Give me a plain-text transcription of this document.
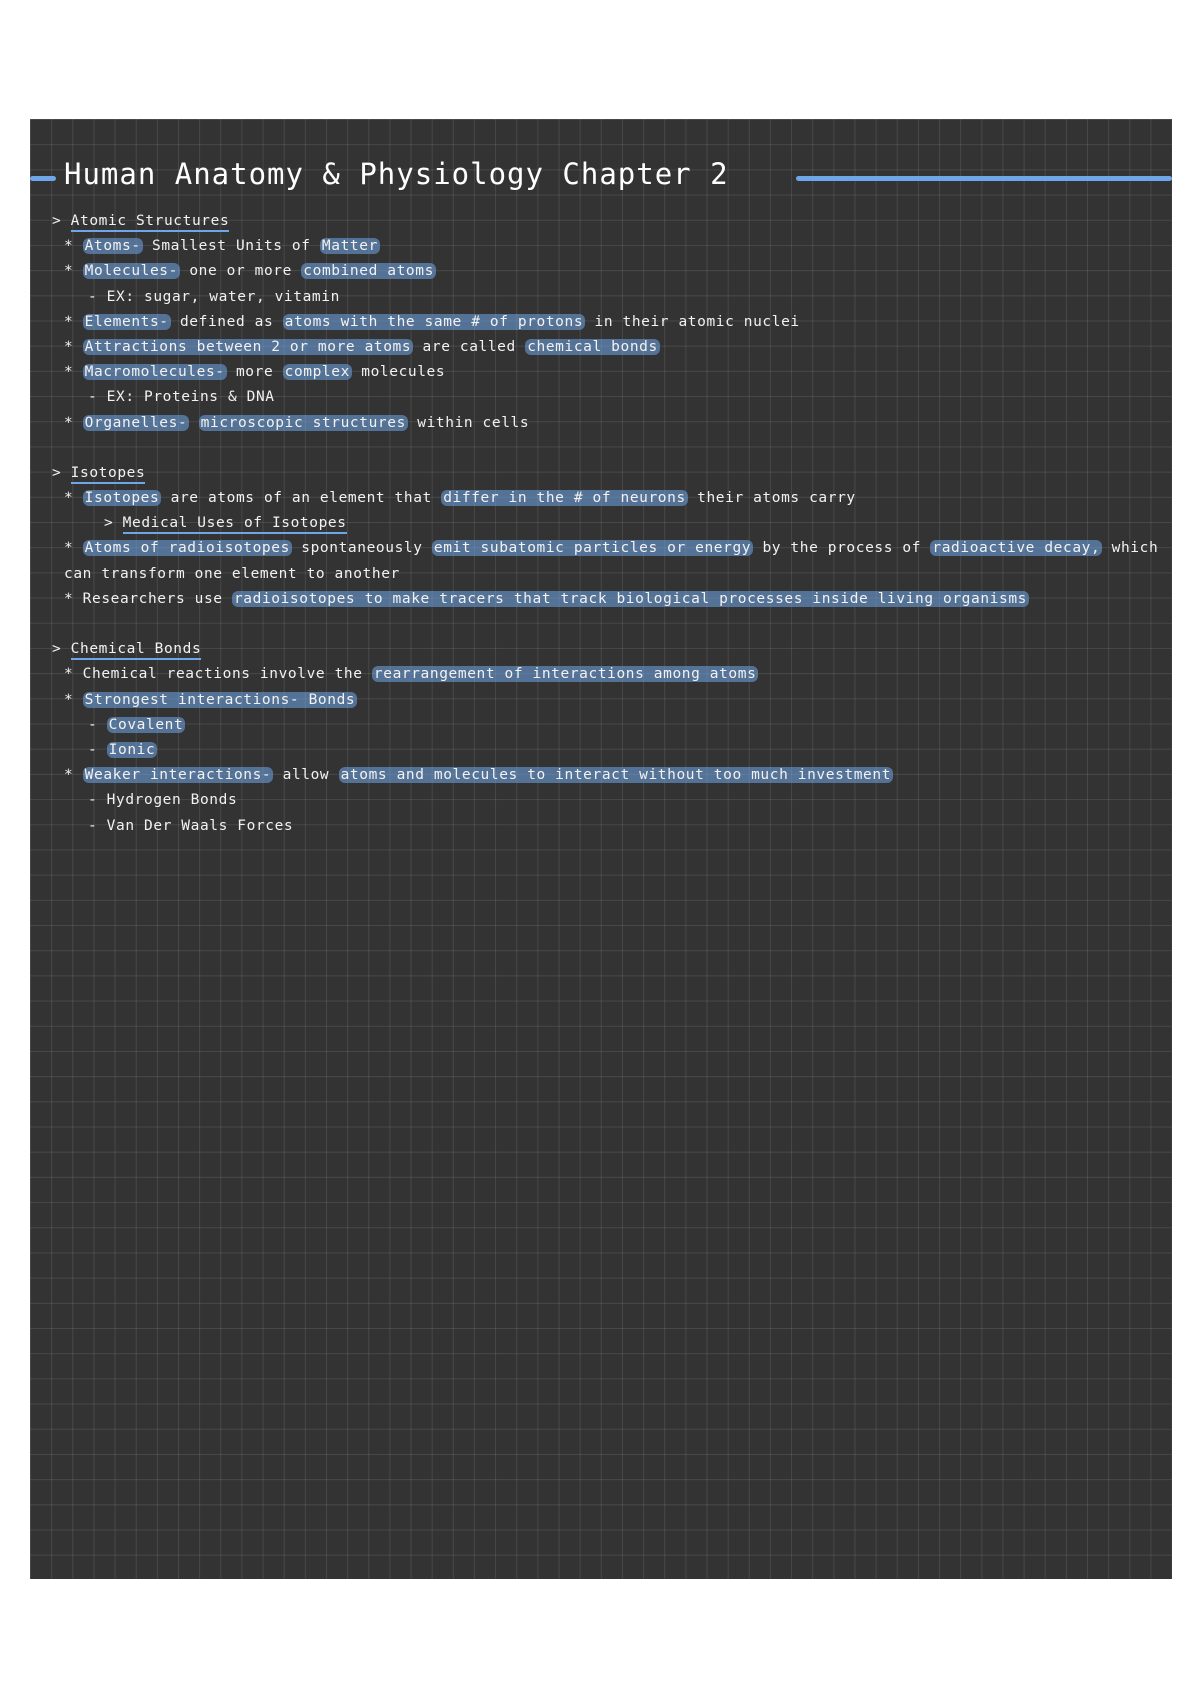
Human Anatomy & Physiology Chapter 2
> Atomic Structures
* Atoms- Smallest Units of Matter
* Molecules- one or more combined atoms
- EX: sugar, water, vitamin
* Elements- defined as atoms with the same # of protons in their atomic nuclei
* Attractions between 2 or more atoms are called chemical bonds
* Macromolecules- more complex molecules
- EX: Proteins & DNA
* Organelles- microscopic structures within cells
> Isotopes
* Isotopes are atoms of an element that differ in the # of neurons their atoms carry
> Medical Uses of Isotopes
* Atoms of radioisotopes spontaneously emit subatomic particles or energy by the process of radioactive decay, which can transform one element to another
* Researchers use radioisotopes to make tracers that track biological processes inside living organisms
> Chemical Bonds
* Chemical reactions involve the rearrangement of interactions among atoms
* Strongest interactions- Bonds
- Covalent
- Ionic
* Weaker interactions- allow atoms and molecules to interact without too much investment
- Hydrogen Bonds
- Van Der Waals Forces
